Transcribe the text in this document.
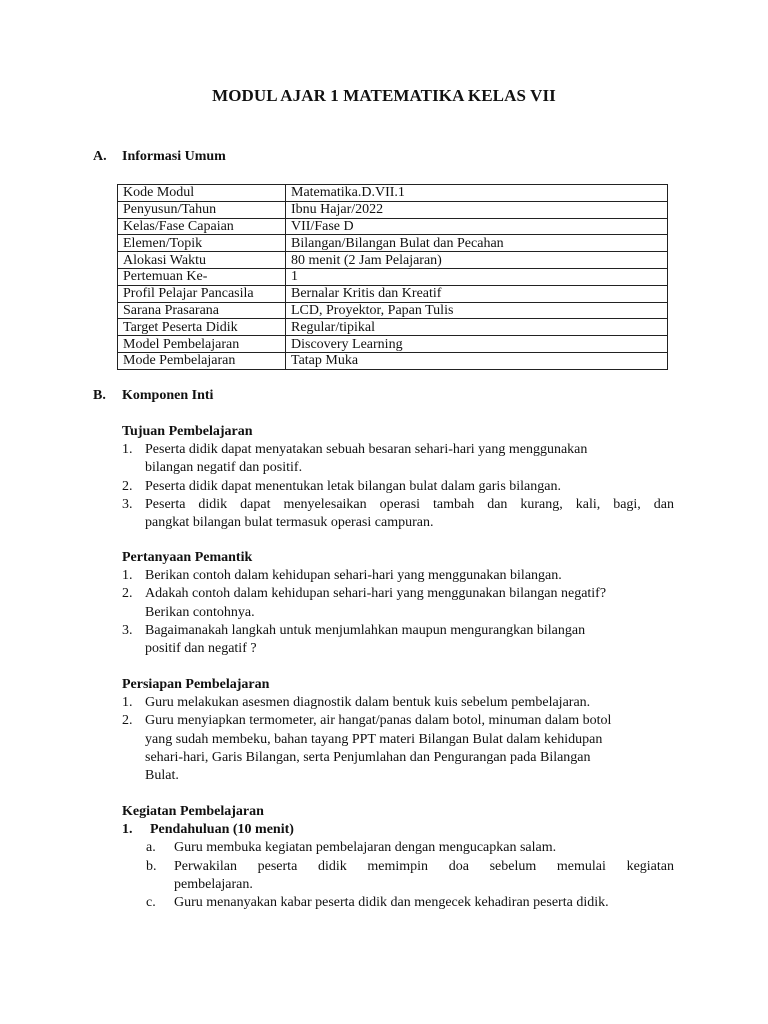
MODUL AJAR 1 MATEMATIKA KELAS VII
A. Informasi Umum
Kode Modul	Matematika.D.VII.1
Penyusun/Tahun	Ibnu Hajar/2022
Kelas/Fase Capaian	VII/Fase D
Elemen/Topik	Bilangan/Bilangan Bulat dan Pecahan
Alokasi Waktu	80 menit (2 Jam Pelajaran)
Pertemuan Ke-	1
Profil Pelajar Pancasila	Bernalar Kritis dan Kreatif
Sarana Prasarana	LCD, Proyektor, Papan Tulis
Target Peserta Didik	Regular/tipikal
Model Pembelajaran	Discovery Learning
Mode Pembelajaran	Tatap Muka
B. Komponen Inti
Tujuan Pembelajaran
1. Peserta didik dapat menyatakan sebuah besaran sehari-hari yang menggunakan
bilangan negatif dan positif.
2. Peserta didik dapat menentukan letak bilangan bulat dalam garis bilangan.
3. Peserta didik dapat menyelesaikan operasi tambah dan kurang, kali, bagi, dan
pangkat bilangan bulat termasuk operasi campuran.
Pertanyaan Pemantik
1. Berikan contoh dalam kehidupan sehari-hari yang menggunakan bilangan.
2. Adakah contoh dalam kehidupan sehari-hari yang menggunakan bilangan negatif?
Berikan contohnya.
3. Bagaimanakah langkah untuk menjumlahkan maupun mengurangkan bilangan
positif dan negatif ?
Persiapan Pembelajaran
1. Guru melakukan asesmen diagnostik dalam bentuk kuis sebelum pembelajaran.
2. Guru menyiapkan termometer, air hangat/panas dalam botol, minuman dalam botol
yang sudah membeku, bahan tayang PPT materi Bilangan Bulat dalam kehidupan
sehari-hari, Garis Bilangan, serta Penjumlahan dan Pengurangan pada Bilangan
Bulat.
Kegiatan Pembelajaran
1. Pendahuluan (10 menit)
a. Guru membuka kegiatan pembelajaran dengan mengucapkan salam.
b. Perwakilan peserta didik memimpin doa sebelum memulai kegiatan
pembelajaran.
c. Guru menanyakan kabar peserta didik dan mengecek kehadiran peserta didik.
